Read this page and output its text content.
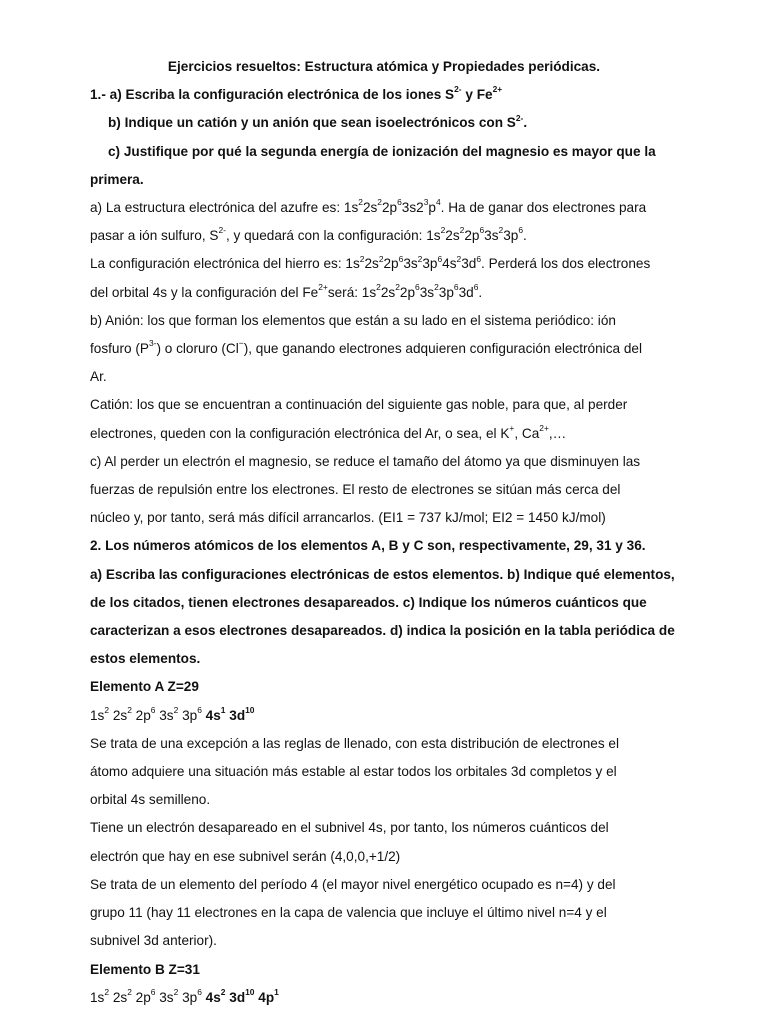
Ejercicios resueltos: Estructura atómica y Propiedades periódicas.
1.- a) Escriba la configuración electrónica de los iones $S^{2-}$ y $Fe^{2+}$
b) Indique un catión y un anión que sean isoelectrónicos con $S^{2-}$.
c) Justifique por qué la segunda energía de ionización del magnesio es mayor que la
primera.
a) La estructura electrónica del azufre es: $1s^22s^22p^63s2^3p^4$. Ha de ganar dos electrones para
pasar a ión sulfuro, $S^{2-}$, y quedará con la configuración: $1s^22s^22p^63s^23p^6$.
La configuración electrónica del hierro es: $1s^22s^22p^63s^23p^64s^23d^6$. Perderá los dos electrones
del orbital 4s y la configuración del $Fe^{2+}será$: $1s^22s^22p^63s^23p^63d^6$.
b) Anión: los que forman los elementos que están a su lado en el sistema periódico: ión
fosfuro $(P^{3-})$ o cloruro (Cl−), que ganando electrones adquieren configuración electrónica del
Ar.
Catión: los que se encuentran a continuación del siguiente gas noble, para que, al perder
electrones, queden con la configuración electrónica del Ar, o sea, el K+, $Ca^{2+},\dots$
c) Al perder un electrón el magnesio, se reduce el tamaño del átomo ya que disminuyen las
fuerzas de repulsión entre los electrones. El resto de electrones se sitúan más cerca del
núcleo y, por tanto, será más difícil arrancarlos. (EI1 = 737 kJ/mol; EI2 = 1450 kJ/mol)
2. Los números atómicos de los elementos A, B y C son, respectivamente, 29, 31 y 36.
a) Escriba las configuraciones electrónicas de estos elementos. b) Indique qué elementos,
de los citados, tienen electrones desapareados. c) Indique los números cuánticos que
caracterizan a esos electrones desapareados. d) indica la posición en la tabla periódica de
estos elementos.
Elemento A Z=29
$1s^2$ $2s^2$ $2p^6$ $3s^2$ $3p^6$ $4s^1$ $3d^{10}$
Se trata de una excepción a las reglas de llenado, con esta distribución de electrones el
átomo adquiere una situación más estable al estar todos los orbitales 3d completos y el
orbital 4s semilleno.
Tiene un electrón desapareado en el subnivel 4s, por tanto, los números cuánticos del
electrón que hay en ese subnivel serán (4,0,0,+1/2)
Se trata de un elemento del período 4 (el mayor nivel energético ocupado es n=4) y del
grupo 11 (hay 11 electrones en la capa de valencia que incluye el último nivel n=4 y el
subnivel 3d anterior).
Elemento B Z=31
$1s^2$ $2s^2$ $2p^6$ $3s^2$ $3p^6$ $4s^2$ $3d^{10}$ $4p^1$
